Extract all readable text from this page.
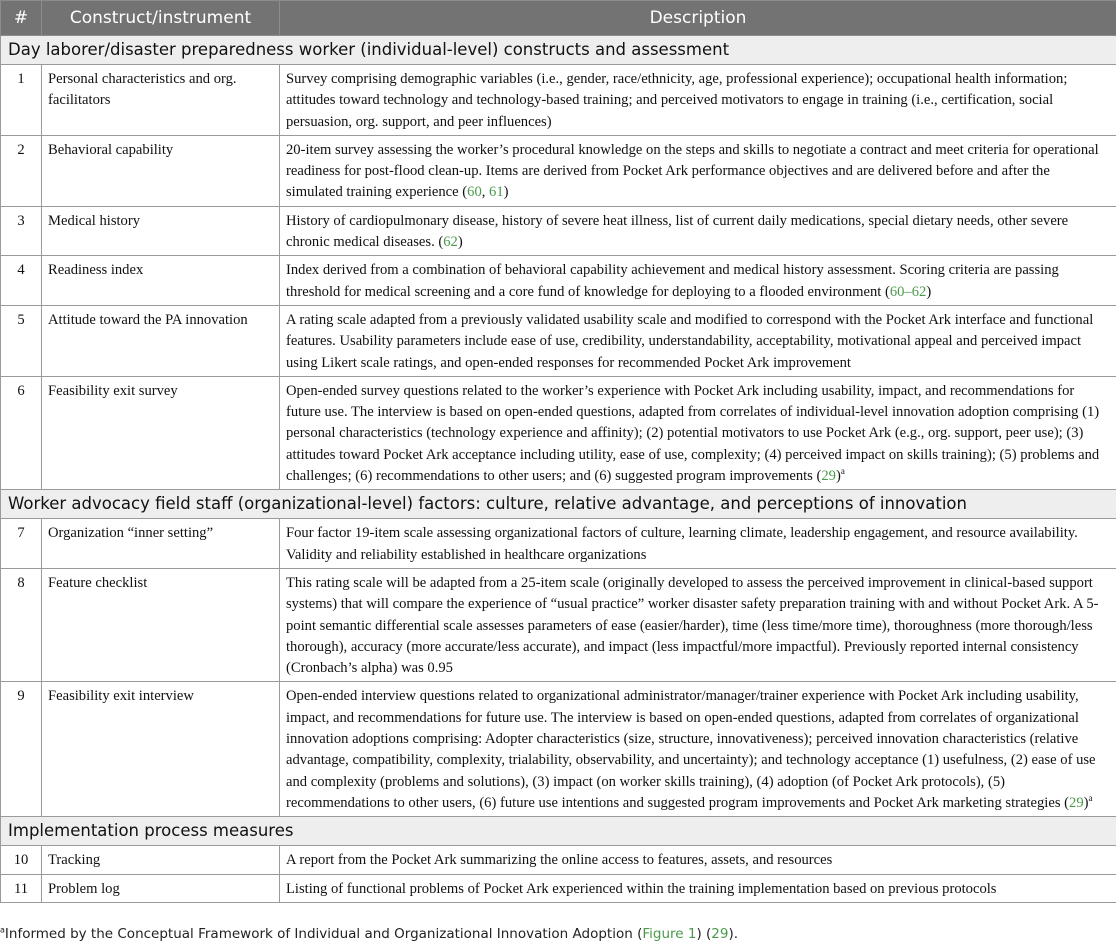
#	Construct/instrument	Description
Day laborer/disaster preparedness worker (individual-level) constructs and assessment		
1	Personal characteristics and org. facilitators	Survey comprising demographic variables (i.e., gender, race/ethnicity, age, professional experience); occupational health information; attitudes toward technology and technology-based training; and perceived motivators to engage in training (i.e., certification, social persuasion, org. support, and peer influences)
2	Behavioral capability	20-item survey assessing the worker’s procedural knowledge on the steps and skills to negotiate a contract and meet criteria for operational readiness for post-flood clean-up. Items are derived from Pocket Ark performance objectives and are delivered before and after the simulated training experience (60, 61)
3	Medical history	History of cardiopulmonary disease, history of severe heat illness, list of current daily medications, special dietary needs, other severe chronic medical diseases. (62)
4	Readiness index	Index derived from a combination of behavioral capability achievement and medical history assessment. Scoring criteria are passing threshold for medical screening and a core fund of knowledge for deploying to a flooded environment (60–62)
5	Attitude toward the PA innovation	A rating scale adapted from a previously validated usability scale and modified to correspond with the Pocket Ark interface and functional features. Usability parameters include ease of use, credibility, understandability, acceptability, motivational appeal and perceived impact using Likert scale ratings, and open-ended responses for recommended Pocket Ark improvement
6	Feasibility exit survey	Open-ended survey questions related to the worker’s experience with Pocket Ark including usability, impact, and recommendations for future use. The interview is based on open-ended questions, adapted from correlates of individual-level innovation adoption comprising (1) personal characteristics (technology experience and affinity); (2) potential motivators to use Pocket Ark (e.g., org. support, peer use); (3) attitudes toward Pocket Ark acceptance including utility, ease of use, complexity; (4) perceived impact on skills training); (5) problems and challenges; (6) recommendations to other users; and (6) suggested program improvements $(29)^a$
Worker advocacy field staff (organizational-level) factors: culture, relative advantage, and perceptions of innovation		
7	Organization “inner setting”	Four factor 19-item scale assessing organizational factors of culture, learning climate, leadership engagement, and resource availability. Validity and reliability established in healthcare organizations
8	Feature checklist	This rating scale will be adapted from a 25-item scale (originally developed to assess the perceived improvement in clinical-based support systems) that will compare the experience of “usual practice” worker disaster safety preparation training with and without Pocket Ark. A 5-point semantic differential scale assesses parameters of ease (easier/harder), time (less time/more time), thoroughness (more thorough/less thorough), accuracy (more accurate/less accurate), and impact (less impactful/more impactful). Previously reported internal consistency (Cronbach’s alpha) was 0.95
9	Feasibility exit interview	Open-ended interview questions related to organizational administrator/manager/trainer experience with Pocket Ark including usability, impact, and recommendations for future use. The interview is based on open-ended questions, adapted from correlates of organizational innovation adoptions comprising: Adopter characteristics (size, structure, innovativeness); perceived innovation characteristics (relative advantage, compatibility, complexity, trialability, observability, and uncertainty); and technology acceptance (1) usefulness, (2) ease of use and complexity (problems and solutions), (3) impact (on worker skills training), (4) adoption (of Pocket Ark protocols), (5) recommendations to other users, (6) future use intentions and suggested program improvements and Pocket Ark marketing strategies $(29)^a$
Implementation process measures		
10	Tracking	A report from the Pocket Ark summarizing the online access to features, assets, and resources
11	Problem log	Listing of functional problems of Pocket Ark experienced within the training implementation based on previous protocols
$^a$Informed by the Conceptual Framework of Individual and Organizational Innovation Adoption (Figure 1) (29).
